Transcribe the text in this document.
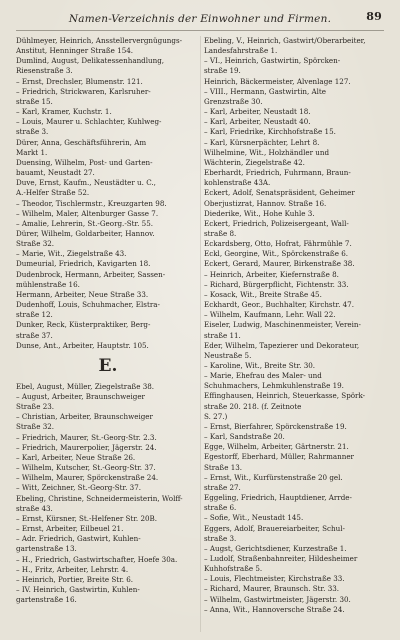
Namen-Verzeichnis der Einwohner und Firmen.	89
Dühlmeyer, Heinrich, Ansstellervergnügungs-
Anstitut, Henninger Straße 154.
Dumlind, August, Delikatessenhandlung,
Riesenstraße 3.
– Ernst, Drechsler, Blumenstr. 121.
– Friedrich, Strickwaren, Karlsruher-
straße 15.
– Karl, Kramer, Kuchstr. 1.
– Louis, Maurer u. Schlachter, Kuhlweg-
straße 3.
Dürer, Anna, Geschäftsführerin, Am
Markt 1.
Duensing, Wilhelm, Post- und Garten-
bauamt, Neustadt 27.
Duve, Ernst, Kaufm., Neustädter u. C.,
A.-Helfer Straße 52.
– Theodor, Tischlermstr., Kreuzgarten 98.
– Wilhelm, Maler, Altenburger Gasse 7.
– Amalie, Lehrerin, St.-Georg.-Str. 55.
Dürer, Wilhelm, Goldarbeiter, Hannov.
Straße 32.
– Marie, Wit., Ziegelstraße 43.
Dumeurial, Friedrich, Kavigarten 18.
Dudenbrock, Hermann, Arbeiter, Sassen-
mühlenstraße 16.
Hermann, Arbeiter, Neue Straße 33.
Dudenhoff, Louis, Schuhmacher, Elstra-
straße 12.
Dunker, Reck, Küsterpraktiker, Berg-
straße 37.
Dunse, Ant., Arbeiter, Hauptstr. 105.
E.
Ebel, August, Müller, Ziegelstraße 38.
– August, Arbeiter, Braunschweiger
Straße 23.
– Christian, Arbeiter, Braunschweiger
Straße 32.
– Friedrich, Maurer, St.-Georg-Str. 2.3.
– Friedrich, Maurerpolier, Jägerstr. 24.
– Karl, Arbeiter, Neue Straße 26.
– Wilhelm, Kutscher, St.-Georg-Str. 37.
– Wilhelm, Maurer, Spörckenstraße 24.
– Witt, Zeichner, St.-Georg-Str. 37.
Ebeling, Christine, Schneidermeisterin, Wolff-
straße 43.
– Ernst, Kürsner, St.-Helfener Str. 20B.
– Ernst, Arbeiter, Eilbeuel 21.
– Adr. Friedrich, Gastwirt, Kuhlen-
gartenstraße 13.
– H., Friedrich, Gastwirtschafter, Hoefe 30a.
– H., Fritz, Arbeiter, Lehrstr. 4.
– Heinrich, Portier, Breite Str. 6.
– IV. Heinrich, Gastwirtin, Kuhlen-
gartenstraße 16.
Ebeling, V., Heinrich, Gastwirt/Oberarbeiter,
Landesfahrstraße 1.
– VI., Heinrich, Gastwirtin, Spörcken-
straße 19.
Heinrich, Bäckermeister, Alvenlage 127.
– VIII., Hermann, Gastwirtin, Alte
Grenzstraße 30.
– Karl, Arbeiter, Neustadt 18.
– Karl, Arbeiter, Neustadt 40.
– Karl, Friedrike, Kirchhofstraße 15.
– Karl, Kürsnerpächter, Lehrt 8.
Wilhelmine, Wit., Holzhändler und
Wächterin, Ziegelstraße 42.
Eberhardt, Friedrich, Fuhrmann, Braun-
kohlenstraße 43A.
Eckert, Adolf, Senatspräsident, Geheimer
Oberjustizrat, Hannov. Straße 16.
Diederike, Wit., Hohe Kuhle 3.
Eckert, Friedrich, Polizeisergeant, Wall-
straße 8.
Eckardsberg, Otto, Hofrat, Fährmühle 7.
Eckl, Georgine, Wit., Spörckenstraße 6.
Eckert, Gerard, Maurer, Birkenstraße 38.
– Heinrich, Arbeiter, Kiefernstraße 8.
– Richard, Bürgerpflicht, Fichtenstr. 33.
– Kosack, Wit., Breite Straße 45.
Eckhardt, Geor., Buchhalter, Kirchstr. 47.
– Wilhelm, Kaufmann, Lehr. Wall 22.
Eiseler, Ludwig, Maschinenmeister, Verein-
straße 11.
Eder, Wilhelm, Tapezierer und Dekorateur,
Neustraße 5.
– Karoline, Wit., Breite Str. 30.
– Marie, Ehefrau des Maler- und
Schuhmachers, Lehmkuhlenstraße 19.
Effinghausen, Heinrich, Steuerkasse, Spörk-
straße 20. 218. (f. Zeitnote
S. 27.)
– Ernst, Bierfahrer, Spörckenstraße 19.
– Karl, Sandstraße 20.
Egge, Wilhelm, Arbeiter, Gärtnerstr. 21.
Egestorff, Eberhard, Müller, Rahrmanner
Straße 13.
– Ernst, Wit., Kurfürstenstraße 20 gel.
straße 27.
Eggeling, Friedrich, Hauptdiener, Arrde-
straße 6.
– Sofie, Wit., Neustadt 145.
Eggers, Adolf, Brauereiarbeiter, Schul-
straße 3.
– Augst, Gerichtsdiener, Kurzestraße 1.
– Ludolf, Straßenbahnreiter, Hildesheimer
Kuhhofstraße 5.
– Louis, Flechtmeister, Kirchstraße 33.
– Richard, Maurer, Braunsch. Str. 33.
– Wilhelm, Gastwirtmeister, Jägerstr. 30.
– Anna, Wit., Hannoversche Straße 24.
